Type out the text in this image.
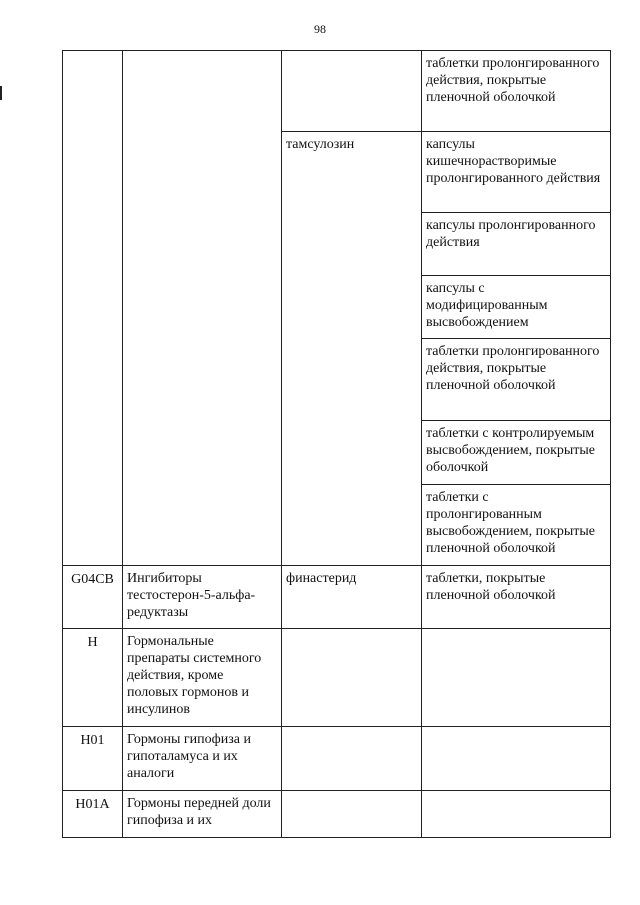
98
			таблетки пролонгированного действия, покрытые пленочной оболочкой
		тамсулозин	капсулы кишечнорастворимые пролонгированного действия
			капсулы пролонгированного действия
			капсулы с модифицированным высвобождением
			таблетки пролонгированного действия, покрытые пленочной оболочкой
			таблетки с контролируемым высвобождением, покрытые оболочкой
			таблетки с пролонгированным высвобождением, покрытые пленочной оболочкой
G04CB	Ингибиторы тестостерон-5-альфа-редуктазы	финастерид	таблетки, покрытые пленочной оболочкой
H	Гормональные препараты системного действия, кроме половых гормонов и инсулинов		
H01	Гормоны гипофиза и гипоталамуса и их аналоги		
H01A	Гормоны передней доли гипофиза и их		
